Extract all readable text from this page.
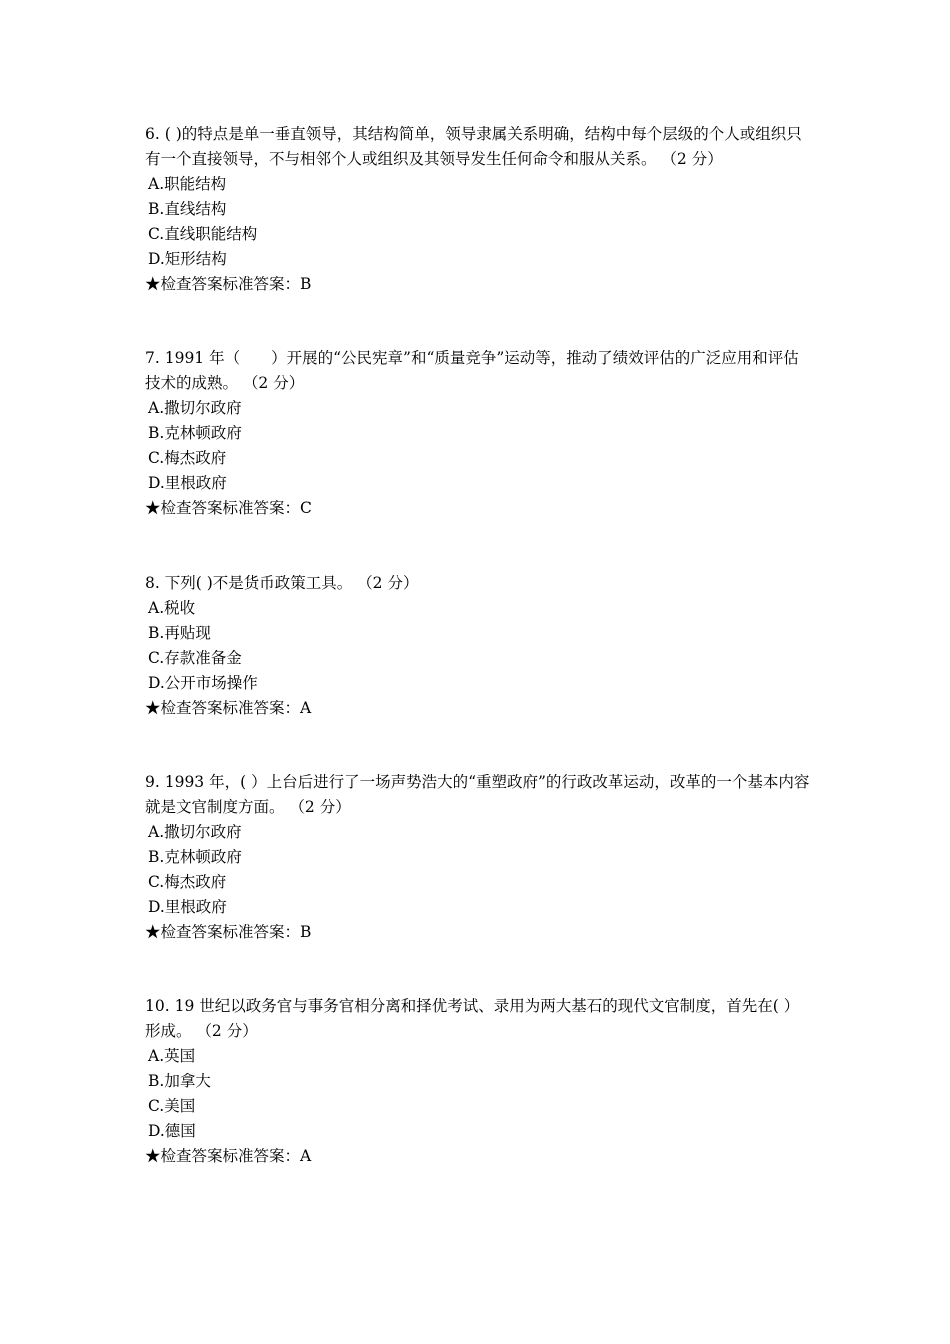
6. ( )的特点是单一垂直领导，其结构简单，领导隶属关系明确，结构中每个层级的个人或组织只有一个直接领导，不与相邻个人或组织及其领导发生任何命令和服从关系。 （2 分）

A.职能结构

B.直线结构

C.直线职能结构

D.矩形结构

★检查答案标准答案：B

7. 1991 年（　　）开展的“公民宪章”和“质量竞争”运动等，推动了绩效评估的广泛应用和评估技术的成熟。 （2 分）

A.撒切尔政府

B.克林顿政府

C.梅杰政府

D.里根政府

★检查答案标准答案：C

8. 下列( )不是货币政策工具。 （2 分）

A.税收

B.再贴现

C.存款准备金

D.公开市场操作

★检查答案标准答案：A

9. 1993 年，( ）上台后进行了一场声势浩大的“重塑政府”的行政改革运动，改革的一个基本内容就是文官制度方面。 （2 分）

A.撒切尔政府

B.克林顿政府

C.梅杰政府

D.里根政府

★检查答案标准答案：B

10. 19 世纪以政务官与事务官相分离和择优考试、录用为两大基石的现代文官制度，首先在( ）形成。 （2 分）

A.英国

B.加拿大

C.美国

D.德国

★检查答案标准答案：A
